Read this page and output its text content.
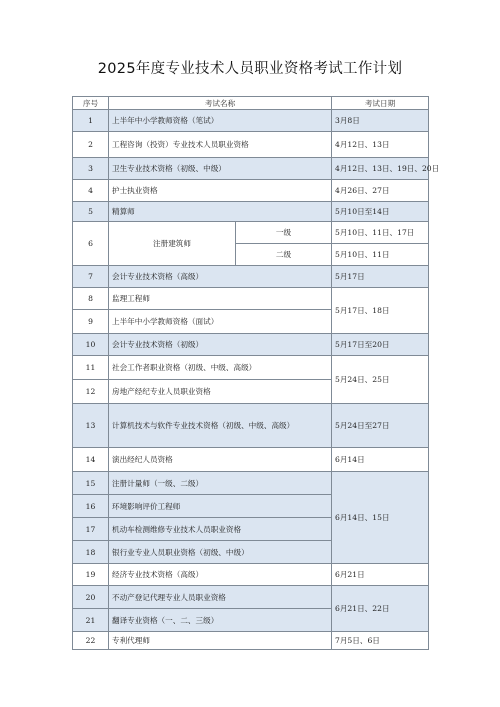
2025年度专业技术人员职业资格考试工作计划
序号	考试名称		考试日期
1	上半年中小学教师资格（笔试）		3月8日
2	工程咨询（投资）专业技术人员职业资格		4月12日、13日
3	卫生专业技术资格（初级、中级）		4月12日、13日、19日、20日
4	护士执业资格		4月26日、27日
5	精算师		5月10日至14日
6	注册建筑师	一级	5月10日、11日、17日
		二级	5月10日、11日
7	会计专业技术资格（高级）		5月17日
8	监理工程师		5月17日、18日
9	上半年中小学教师资格（面试）		
10	会计专业技术资格（初级）		5月17日至20日
11	社会工作者职业资格（初级、中级、高级）		5月24日、25日
12	房地产经纪专业人员职业资格		
13	计算机技术与软件专业技术资格（初级、中级、高级）		5月24日至27日
14	演出经纪人员资格		6月14日
15	注册计量师（一级、二级）		6月14日、15日
16	环境影响评价工程师		
17	机动车检测维修专业技术人员职业资格		
18	银行业专业人员职业资格（初级、中级）		
19	经济专业技术资格（高级）		6月21日
20	不动产登记代理专业人员职业资格		6月21日、22日
21	翻译专业资格（一、二、三级）		
22	专利代理师		7月5日、6日
